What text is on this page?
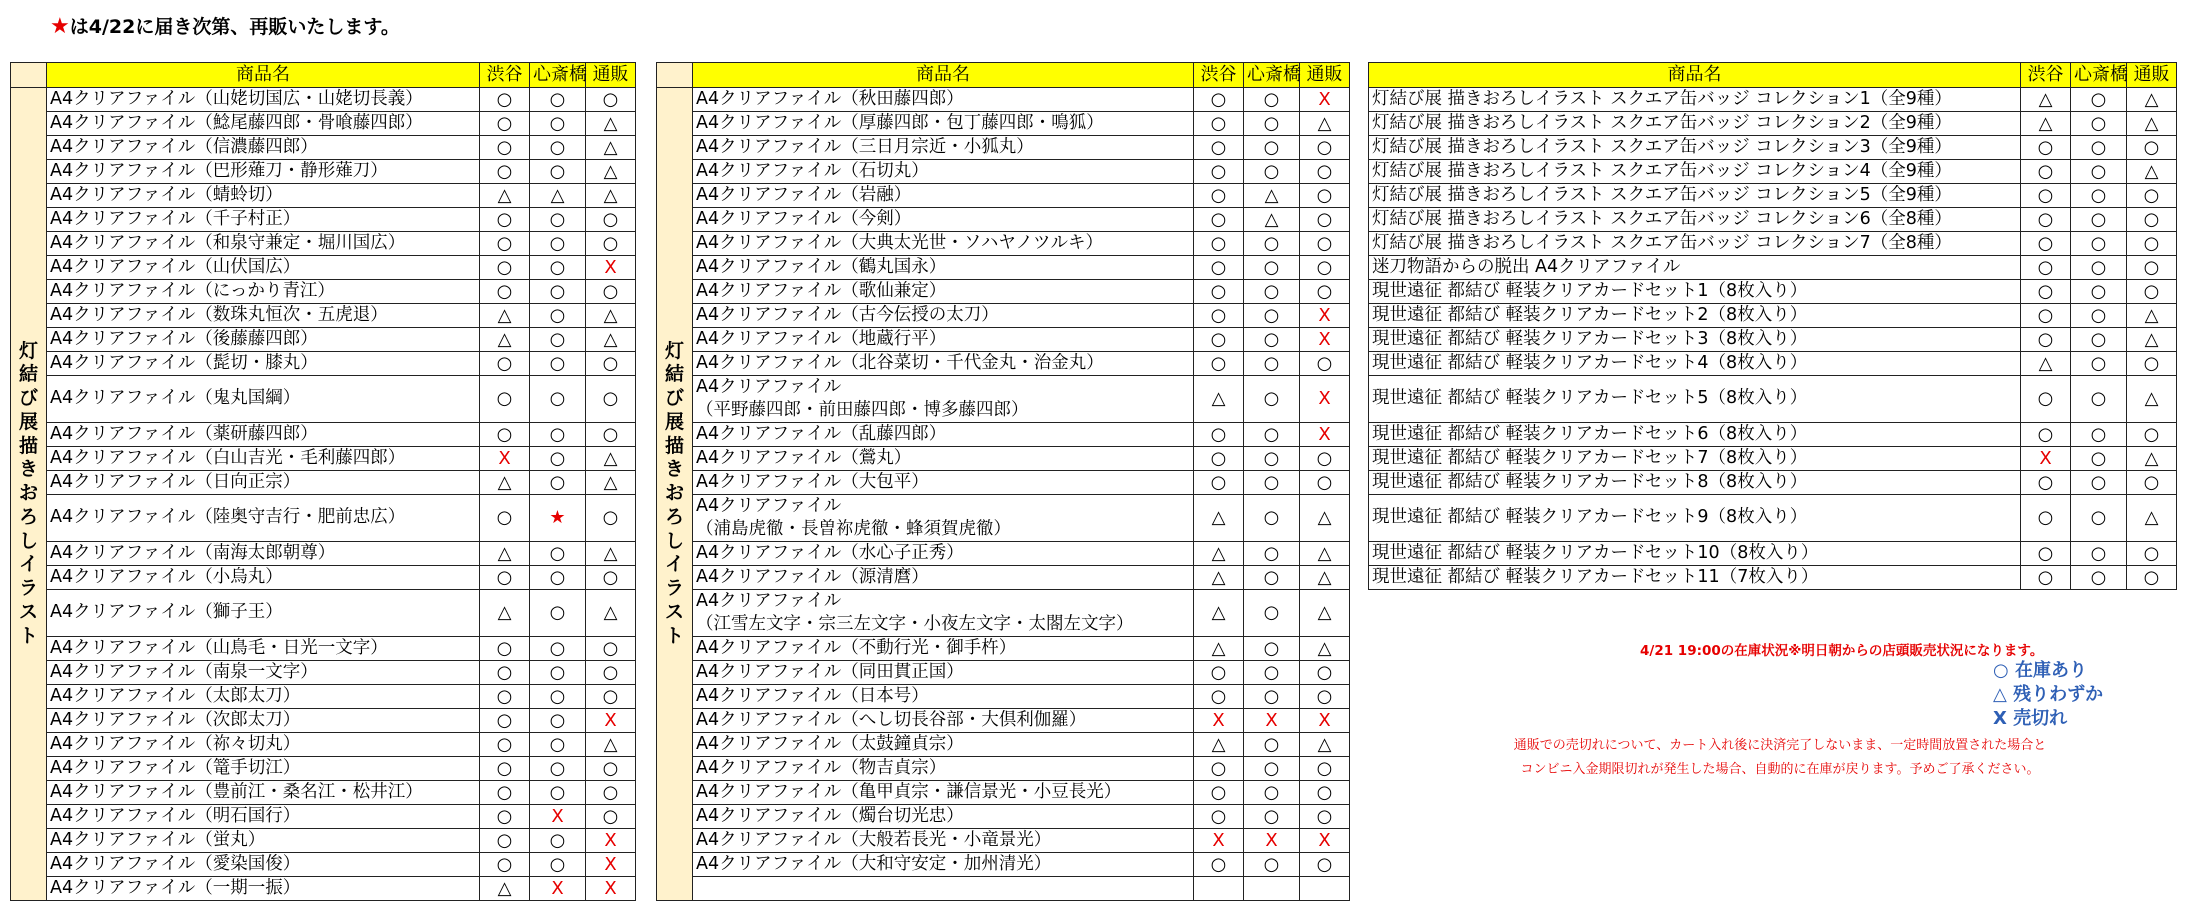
★は4/22に届き次第、再販いたします。
	商品名	渋谷	心斎橋	通販
灯結び展　描きおろしイラスト	A4クリアファイル（山姥切国広・山姥切長義）	○	○	○
	A4クリアファイル（鯰尾藤四郎・骨喰藤四郎）	○	○	△
	A4クリアファイル（信濃藤四郎）	○	○	△
	A4クリアファイル（巴形薙刀・静形薙刀）	○	○	△
	A4クリアファイル（蜻蛉切）	△	△	△
	A4クリアファイル（千子村正）	○	○	○
	A4クリアファイル（和泉守兼定・堀川国広）	○	○	○
	A4クリアファイル（山伏国広）	○	○	X
	A4クリアファイル（にっかり青江）	○	○	○
	A4クリアファイル（数珠丸恒次・五虎退）	△	○	△
	A4クリアファイル（後藤藤四郎）	△	○	△
	A4クリアファイル（髭切・膝丸）	○	○	○
	A4クリアファイル（鬼丸国綱）	○	○	○
	A4クリアファイル（薬研藤四郎）	○	○	○
	A4クリアファイル（白山吉光・毛利藤四郎）	X	○	△
	A4クリアファイル（日向正宗）	△	○	△
	A4クリアファイル（陸奥守吉行・肥前忠広）	○	★	○
	A4クリアファイル（南海太郎朝尊）	△	○	△
	A4クリアファイル（小烏丸）	○	○	○
	A4クリアファイル（獅子王）	△	○	△
	A4クリアファイル（山鳥毛・日光一文字）	○	○	○
	A4クリアファイル（南泉一文字）	○	○	○
	A4クリアファイル（太郎太刀）	○	○	○
	A4クリアファイル（次郎太刀）	○	○	X
	A4クリアファイル（祢々切丸）	○	○	△
	A4クリアファイル（篭手切江）	○	○	○
	A4クリアファイル（豊前江・桑名江・松井江）	○	○	○
	A4クリアファイル（明石国行）	○	X	○
	A4クリアファイル（蛍丸）	○	○	X
	A4クリアファイル（愛染国俊）	○	○	X
	A4クリアファイル（一期一振）	△	X	X
	商品名	渋谷	心斎橋	通販
灯結び展　描きおろしイラスト	A4クリアファイル（秋田藤四郎）	○	○	X
	A4クリアファイル（厚藤四郎・包丁藤四郎・鳴狐）	○	○	△
	A4クリアファイル（三日月宗近・小狐丸）	○	○	○
	A4クリアファイル（石切丸）	○	○	○
	A4クリアファイル（岩融）	○	△	○
	A4クリアファイル（今剣）	○	△	○
	A4クリアファイル（大典太光世・ソハヤノツルキ）	○	○	○
	A4クリアファイル（鶴丸国永）	○	○	○
	A4クリアファイル（歌仙兼定）	○	○	○
	A4クリアファイル（古今伝授の太刀）	○	○	X
	A4クリアファイル（地蔵行平）	○	○	X
	A4クリアファイル（北谷菜切・千代金丸・治金丸）	○	○	○

	A4クリアファイル
（平野藤四郎・前田藤四郎・博多藤四郎）	△	○	X
	A4クリアファイル（乱藤四郎）	○	○	X
	A4クリアファイル（鶯丸）	○	○	○
	A4クリアファイル（大包平）	○	○	○

	A4クリアファイル
（浦島虎徹・長曽祢虎徹・蜂須賀虎徹）	△	○	△
	A4クリアファイル（水心子正秀）	△	○	△
	A4クリアファイル（源清麿）	△	○	△

	A4クリアファイル
（江雪左文字・宗三左文字・小夜左文字・太閤左文字）	△	○	△
	A4クリアファイル（不動行光・御手杵）	△	○	△
	A4クリアファイル（同田貫正国）	○	○	○
	A4クリアファイル（日本号）	○	○	○
	A4クリアファイル（へし切長谷部・大倶利伽羅）	X	X	X
	A4クリアファイル（太鼓鐘貞宗）	△	○	△
	A4クリアファイル（物吉貞宗）	○	○	○
	A4クリアファイル（亀甲貞宗・謙信景光・小豆長光）	○	○	○
	A4クリアファイル（燭台切光忠）	○	○	○
	A4クリアファイル（大般若長光・小竜景光）	X	X	X
	A4クリアファイル（大和守安定・加州清光）	○	○	○

商品名	渋谷	心斎橋	通販
灯結び展 描きおろしイラスト スクエア缶バッジ コレクション1（全9種）	△	○	△
灯結び展 描きおろしイラスト スクエア缶バッジ コレクション2（全9種）	△	○	△
灯結び展 描きおろしイラスト スクエア缶バッジ コレクション3（全9種）	○	○	○
灯結び展 描きおろしイラスト スクエア缶バッジ コレクション4（全9種）	○	○	△
灯結び展 描きおろしイラスト スクエア缶バッジ コレクション5（全9種）	○	○	○
灯結び展 描きおろしイラスト スクエア缶バッジ コレクション6（全8種）	○	○	○
灯結び展 描きおろしイラスト スクエア缶バッジ コレクション7（全8種）	○	○	○
迷刀物語からの脱出 A4クリアファイル	○	○	○
現世遠征 都結び 軽装クリアカードセット1（8枚入り）	○	○	○
現世遠征 都結び 軽装クリアカードセット2（8枚入り）	○	○	△
現世遠征 都結び 軽装クリアカードセット3（8枚入り）	○	○	△
現世遠征 都結び 軽装クリアカードセット4（8枚入り）	△	○	○
現世遠征 都結び 軽装クリアカードセット5（8枚入り）	○	○	△
現世遠征 都結び 軽装クリアカードセット6（8枚入り）	○	○	○
現世遠征 都結び 軽装クリアカードセット7（8枚入り）	X	○	△
現世遠征 都結び 軽装クリアカードセット8（8枚入り）	○	○	○
現世遠征 都結び 軽装クリアカードセット9（8枚入り）	○	○	△
現世遠征 都結び 軽装クリアカードセット10（8枚入り）	○	○	○
現世遠征 都結び 軽装クリアカードセット11（7枚入り）	○	○	○
4/21 19:00の在庫状況※明日朝からの店頭販売状況になります。
○ 在庫あり
△ 残りわずか
X 売切れ
通販での売切れについて、カート入れ後に決済完了しないまま、一定時間放置された場合と
コンビニ入金期限切れが発生した場合、自動的に在庫が戻ります。予めご了承ください。
